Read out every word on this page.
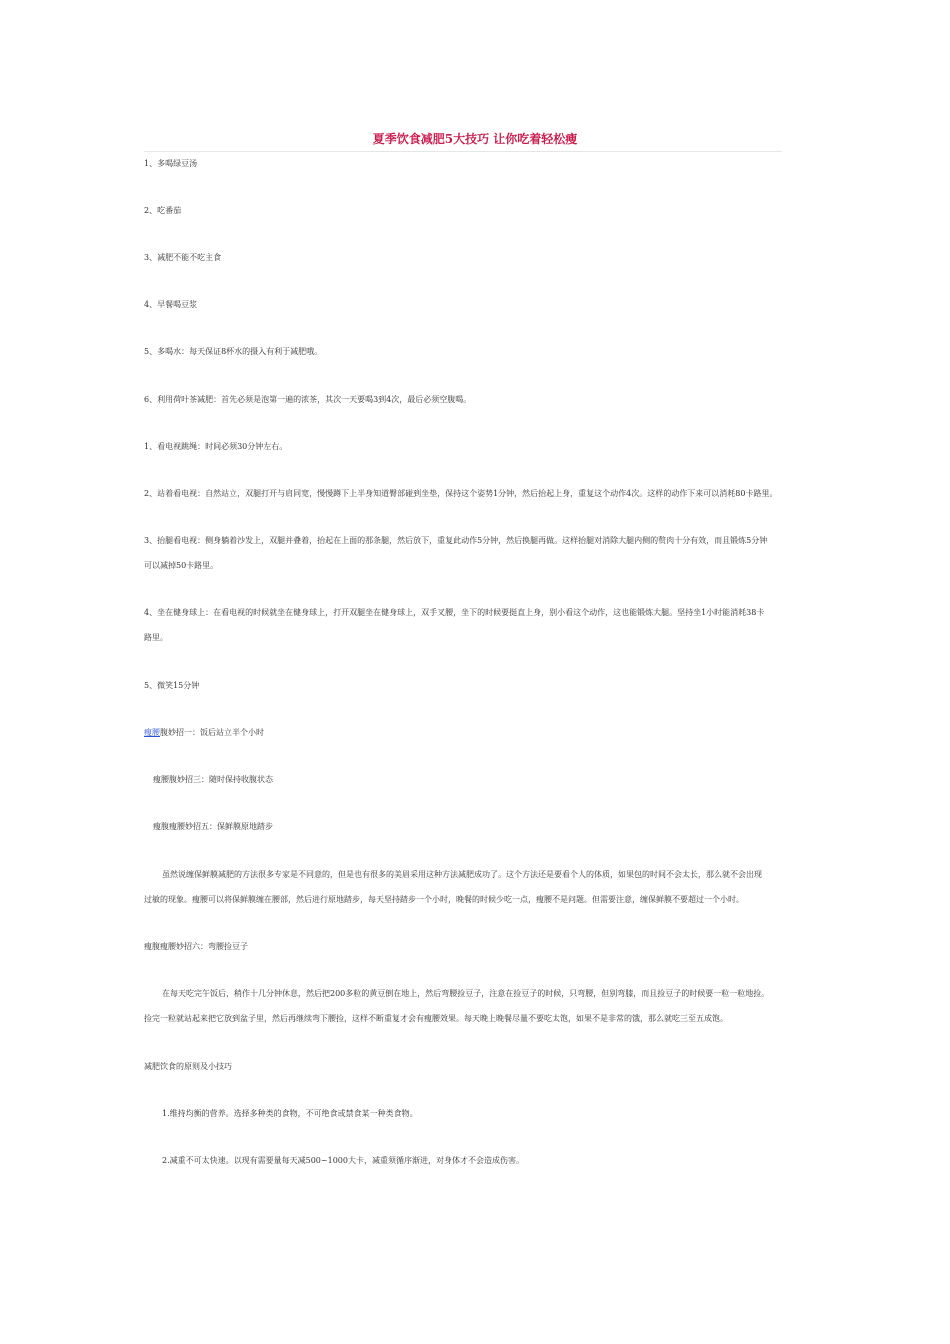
夏季饮食减肥5大技巧 让你吃着轻松瘦

1、多喝绿豆汤

2、吃番茄

3、减肥不能不吃主食

4、早餐喝豆浆

5、多喝水：每天保证8杯水的摄入有利于减肥哦。

6、利用荷叶茶减肥：首先必须是泡第一遍的浓茶，其次一天要喝3到4次，最后必须空腹喝。

1、看电视跳绳：时间必须30分钟左右。

2、站着看电视：自然站立，双腿打开与肩同宽，慢慢蹲下上半身知道臀部碰到坐垫，保持这个姿势1分钟，然后抬起上身，重复这个动作4次。这样的动作下来可以消耗80卡路里。

3、抬腿看电视：侧身躺着沙发上，双腿并叠着，抬起在上面的那条腿，然后放下，重复此动作5分钟，然后换腿再做。这样抬腿对消除大腿内侧的赘肉十分有效，而且锻炼5分钟

可以减掉50卡路里。

4、坐在健身球上：在看电视的时候就坐在健身球上，打开双腿坐在健身球上，双手叉腰，坐下的时候要挺直上身，别小看这个动作，这也能锻炼大腿。坚持坐1小时能消耗38卡

路里。

5、微笑15分钟

瘦腰腹妙招一：饭后站立半个小时

瘦腰腹妙招三：随时保持收腹状态

瘦腹瘦腰妙招五：保鲜膜原地踏步

虽然说缠保鲜膜减肥的方法很多专家是不同意的，但是也有很多的美眉采用这种方法减肥成功了。这个方法还是要看个人的体质，如果包的时间不会太长，那么就不会出现

过敏的现象。瘦腰可以将保鲜膜缠在腰部，然后进行原地踏步，每天坚持踏步一个小时，晚餐的时候少吃一点，瘦腰不是问题。但需要注意，缠保鲜膜不要超过一个小时。

瘦腹瘦腰妙招六：弯腰捡豆子

在每天吃完午饭后，稍作十几分钟休息，然后把200多粒的黄豆倒在地上，然后弯腰捡豆子，注意在捡豆子的时候，只弯腰，但别弯膝，而且捡豆子的时候要一粒一粒地捡。

捡完一粒就站起来把它放到盆子里，然后再继续弯下腰捡，这样不断重复才会有瘦腰效果。每天晚上晚餐尽量不要吃太饱，如果不是非常的饿，那么就吃三至五成饱。

减肥饮食的原则及小技巧

1.维持均衡的营养。选择多种类的食物，不可绝食或禁食某一种类食物。

2.减重不可太快速。以现有需要量每天减500~1000大卡，减重须循序渐进，对身体才不会造成伤害。
